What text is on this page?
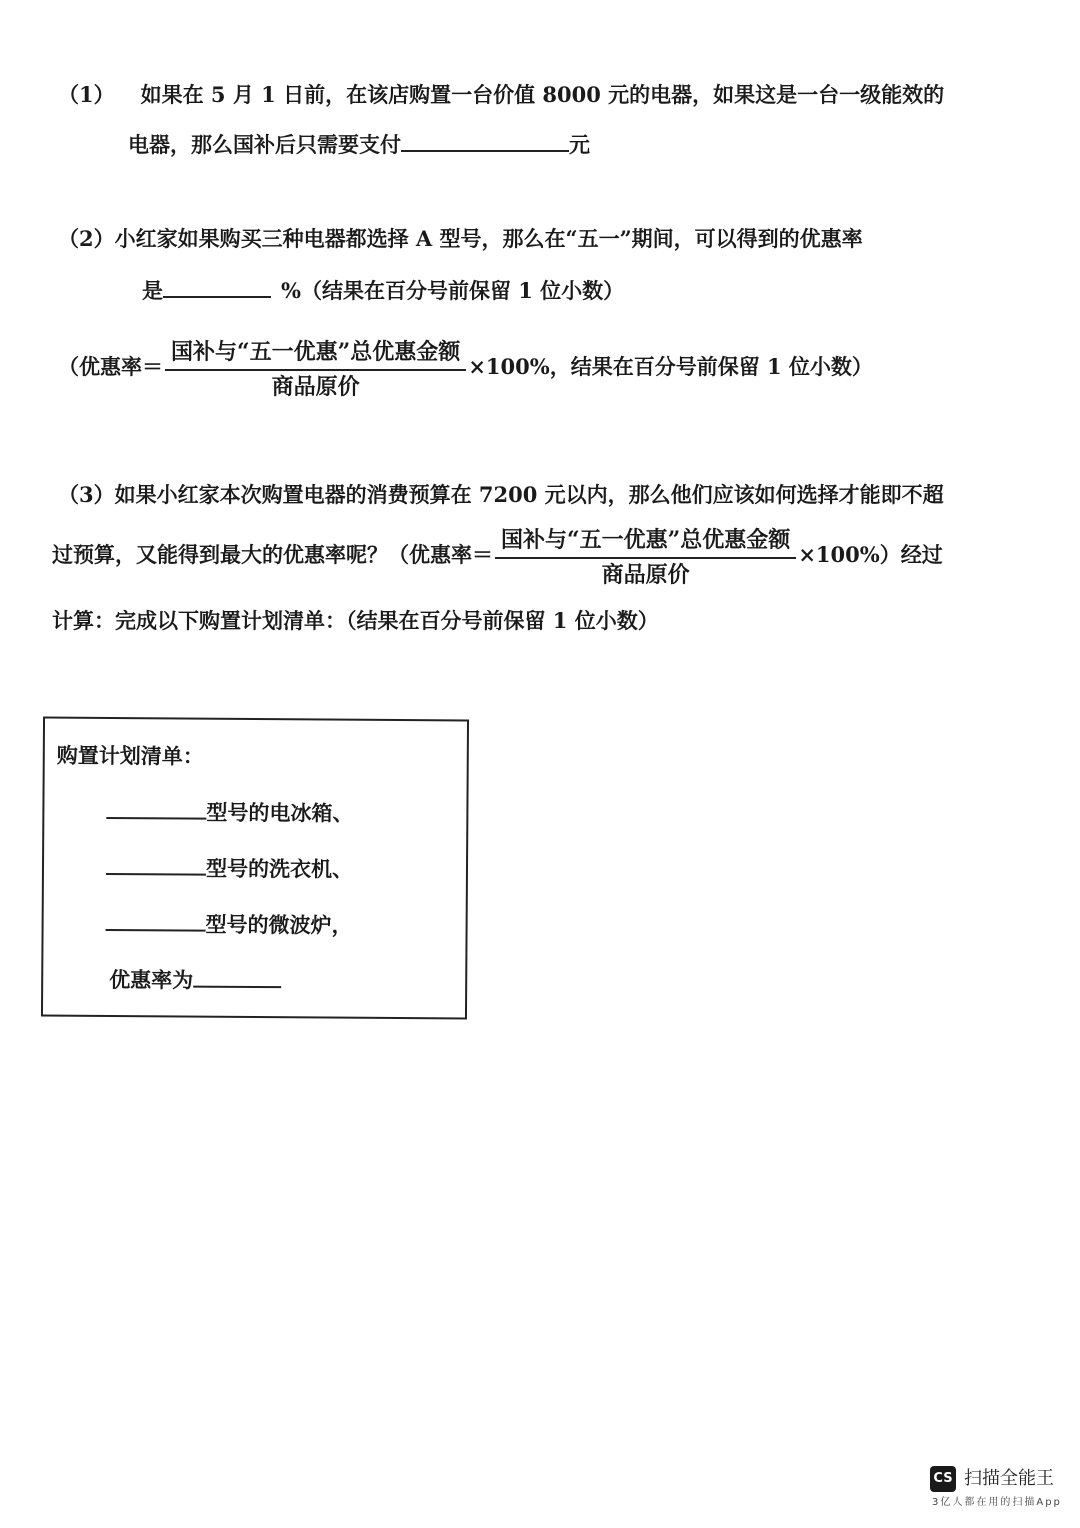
（1） 如果在 5 月 1 日前，在该店购置一台价值 8000 元的电器，如果这是一台一级能效的
电器，那么国补后只需要支付	元
（2）小红家如果购买三种电器都选择 A 型号，那么在“五一”期间，可以得到的优惠率
是	%（结果在百分号前保留 1 位小数）
（优惠率＝ $\frac{\text{国补与“五一优惠”总优惠金额}}{\text{商品原价}} \times 100\%$，结果在百分号前保留 1 位小数）
（3）如果小红家本次购置电器的消费预算在 7200 元以内，那么他们应该如何选择才能即不超
过预算，又能得到最大的优惠率呢？（优惠率＝ $\frac{\text{国补与“五一优惠”总优惠金额}}{\text{商品原价}} \times 100\%$）经过
计算：完成以下购置计划清单：（结果在百分号前保留 1 位小数）
购置计划清单：
型号的电冰箱、
型号的洗衣机、
型号的微波炉，
优惠率为
CS 扫描全能王
3亿人都在用的扫描App
